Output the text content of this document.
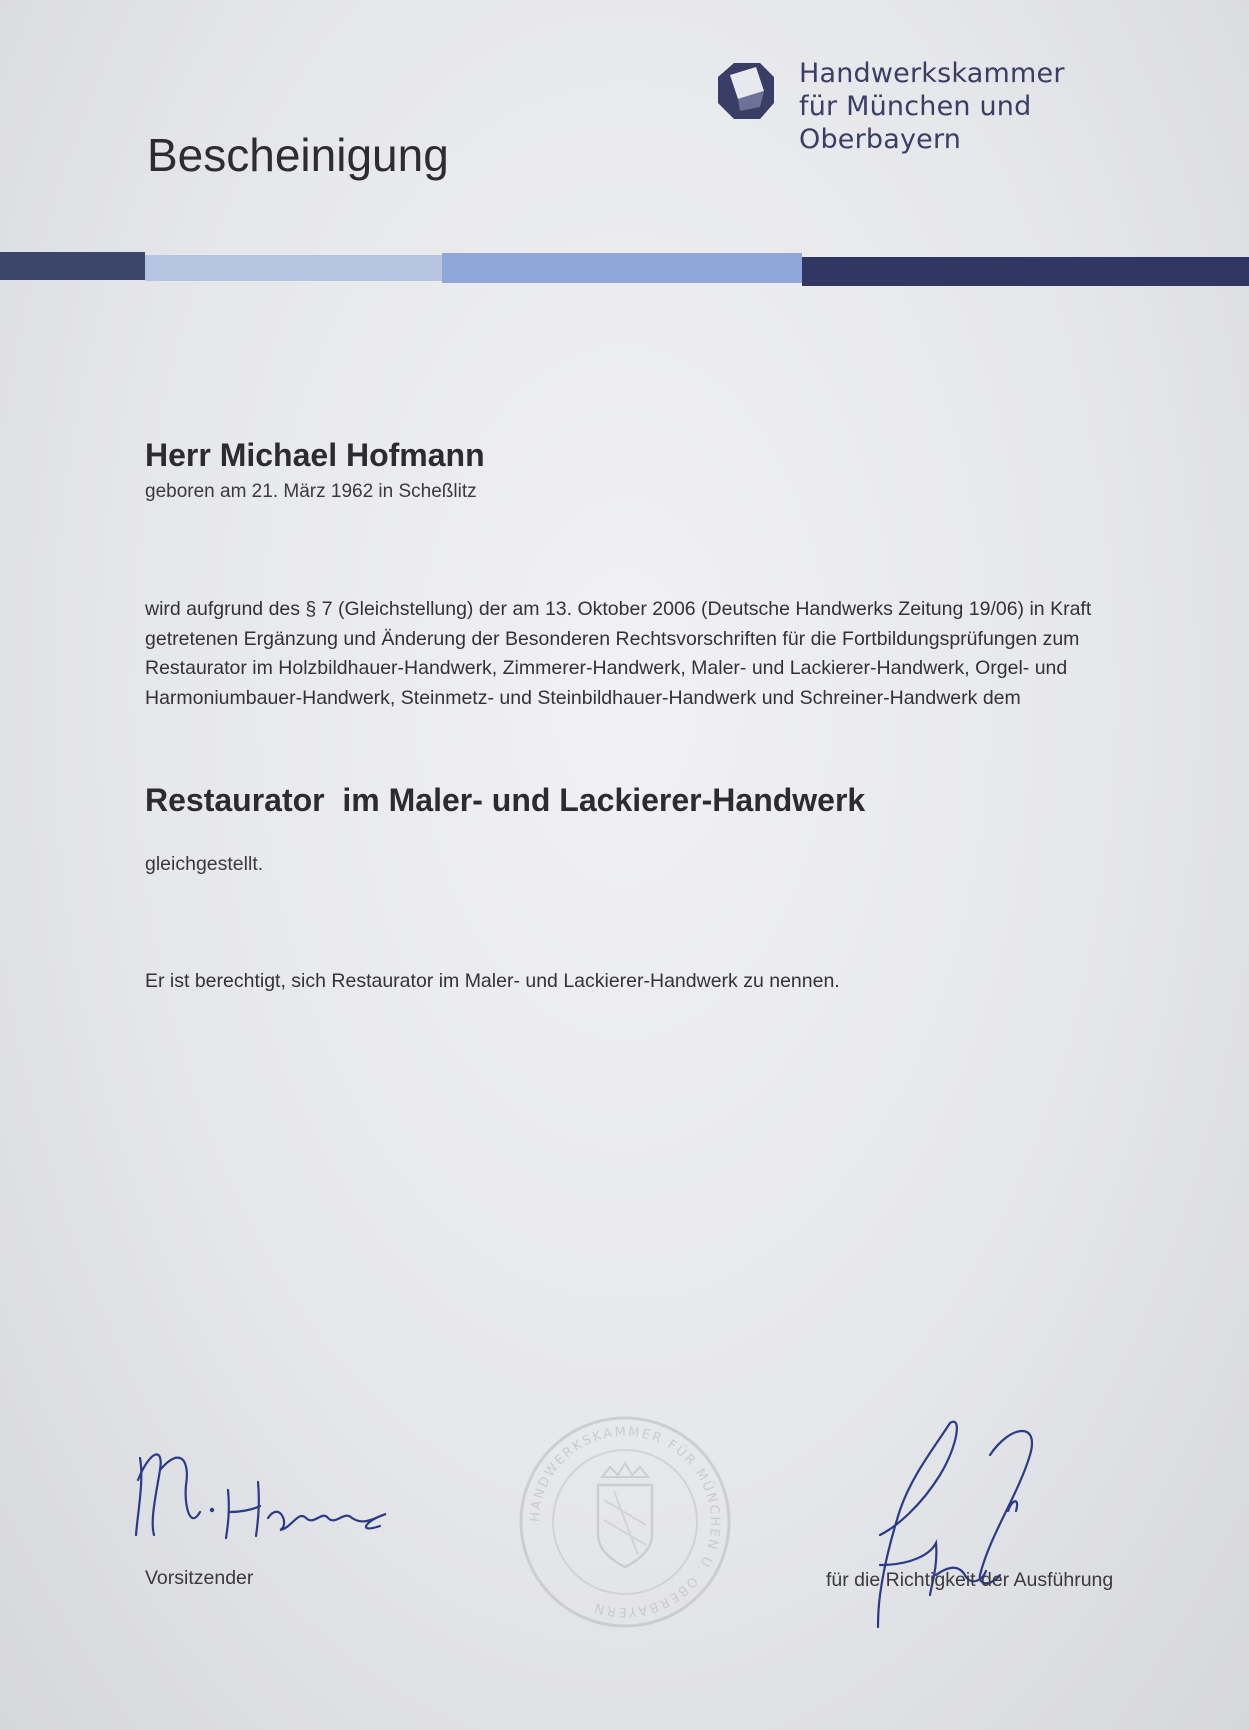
Handwerkskammer
für München und Oberbayern
Bescheinigung
Herr Michael Hofmann
geboren am 21. März 1962 in Scheßlitz
wird aufgrund des § 7 (Gleichstellung) der am 13. Oktober 2006 (Deutsche Handwerks Zeitung 19/06) in Kraft
getretenen Ergänzung und Änderung der Besonderen Rechtsvorschriften für die Fortbildungsprüfungen zum
Restaurator im Holzbildhauer-Handwerk, Zimmerer-Handwerk, Maler- und Lackierer-Handwerk, Orgel- und
Harmoniumbauer-Handwerk, Steinmetz- und Steinbildhauer-Handwerk und Schreiner-Handwerk dem
Restaurator  im Maler- und Lackierer-Handwerk
gleichgestellt.
Er ist berechtigt, sich Restaurator im Maler- und Lackierer-Handwerk zu nennen.
Vorsitzender
HANDWERKSKAMMER FÜR MÜNCHEN U. OBERBAYERN
für die Richtigkeit der Ausführung
